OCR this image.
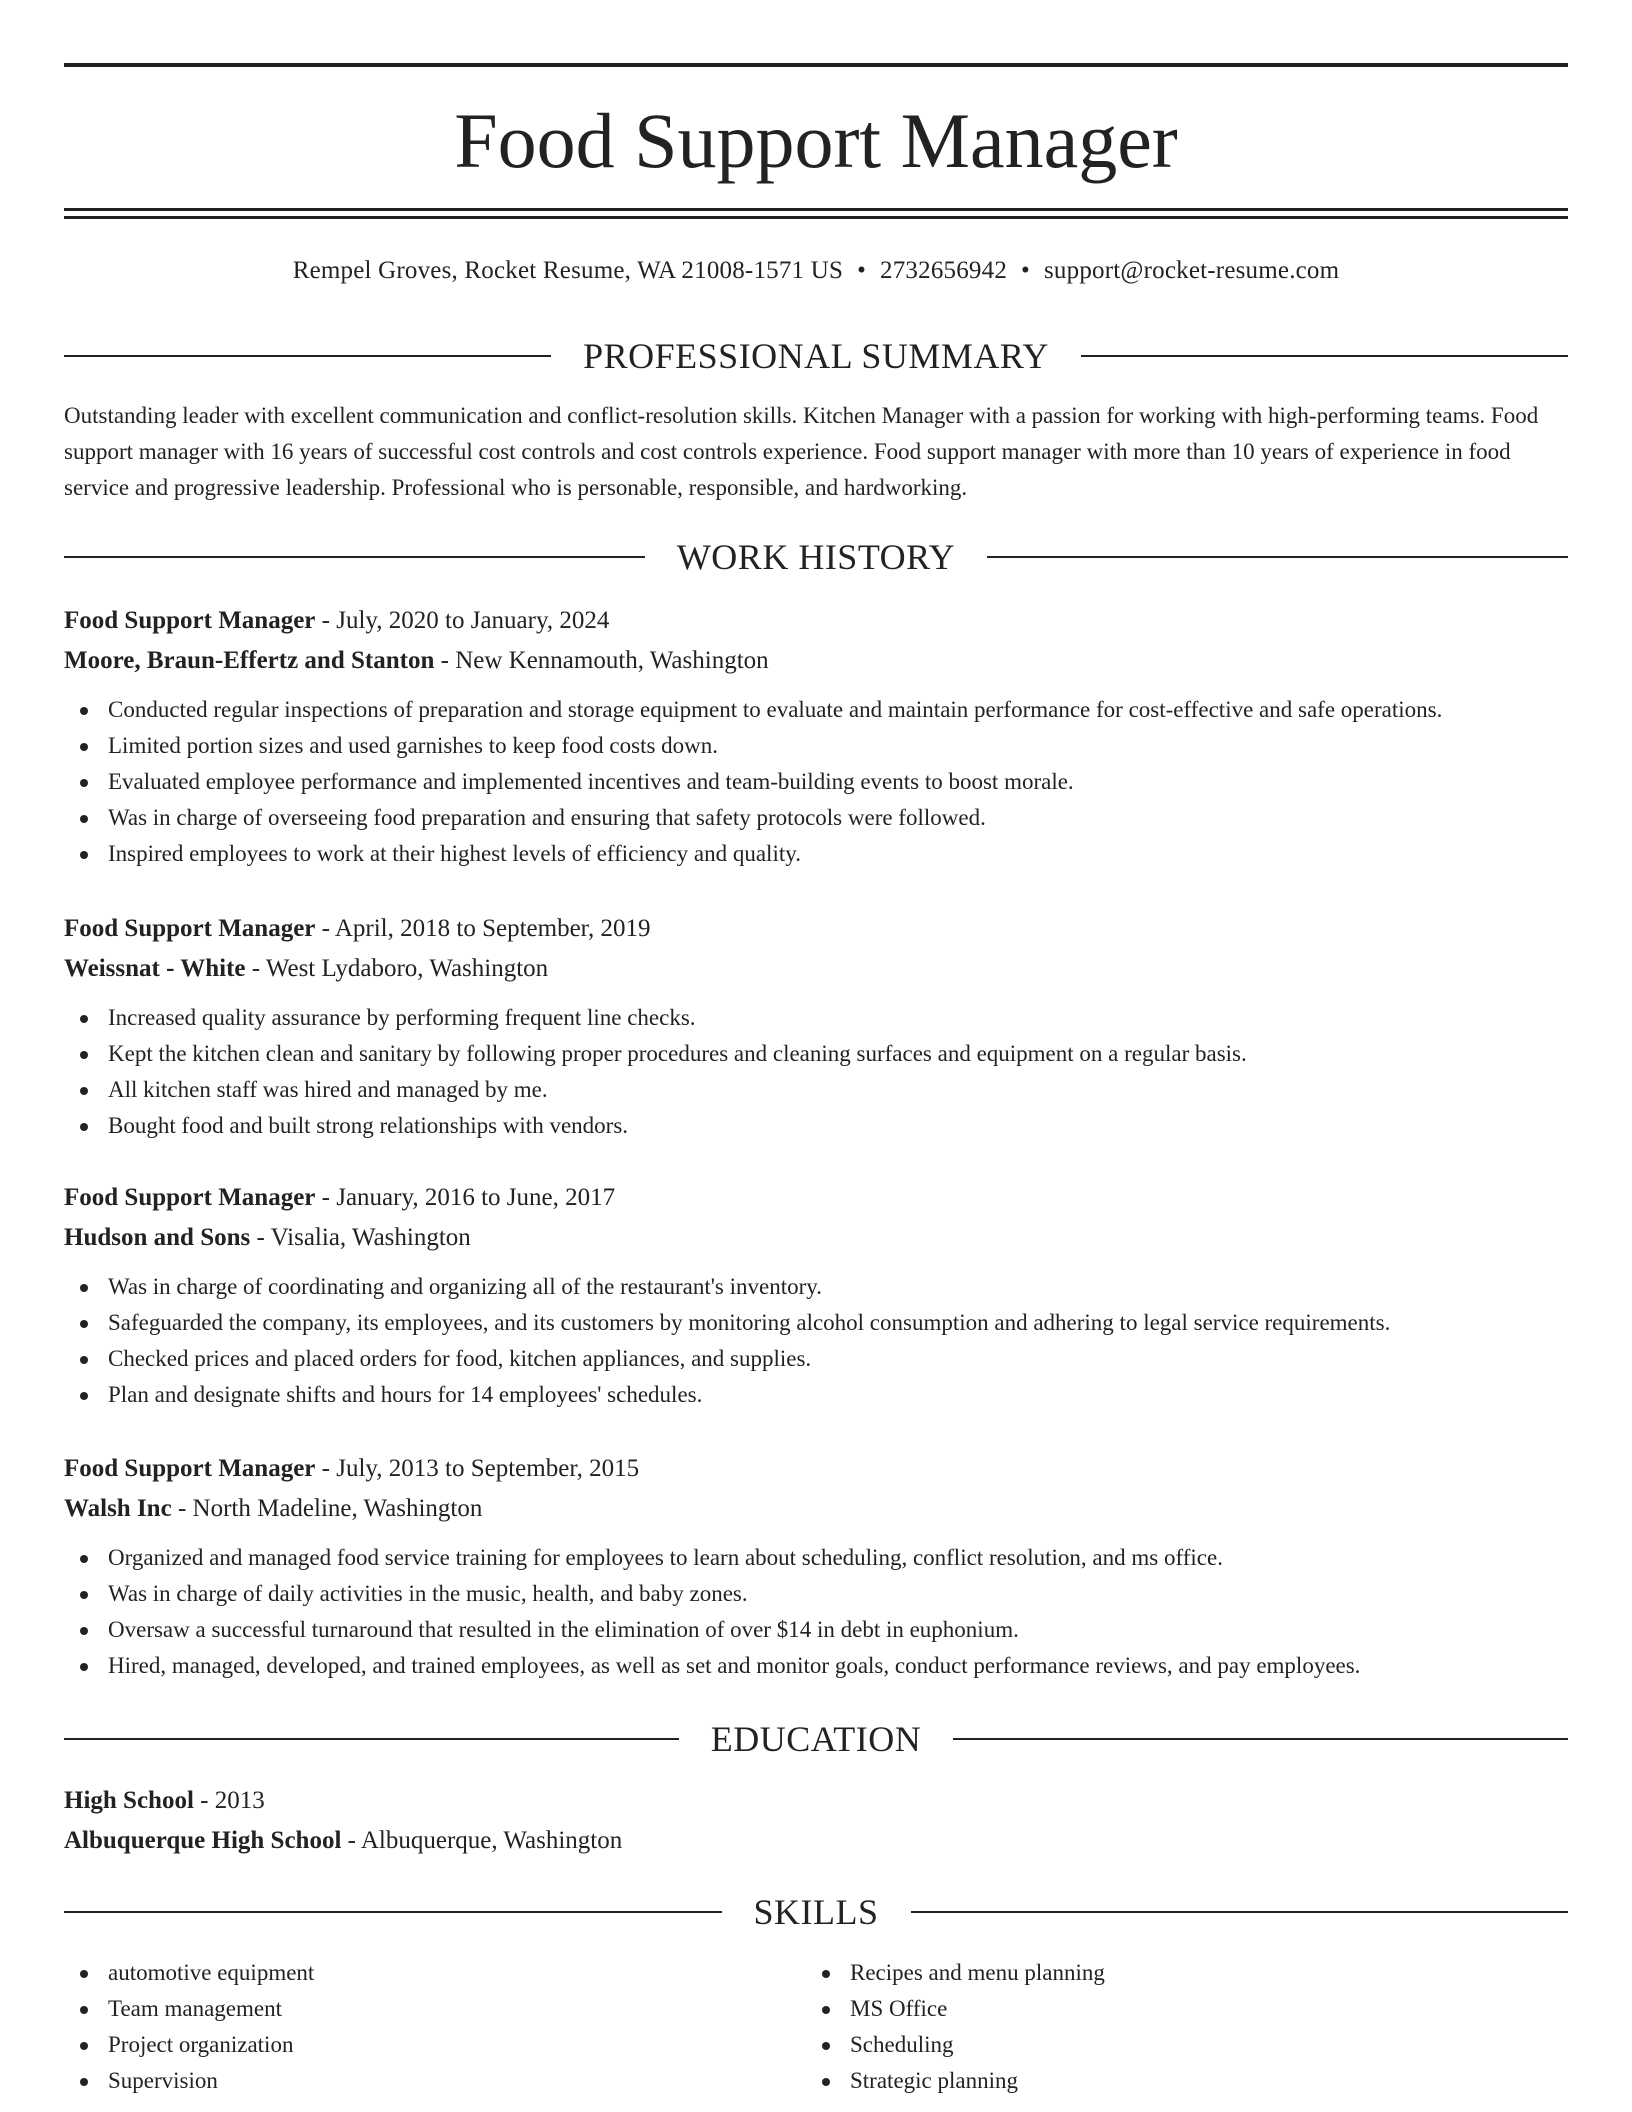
Food Support Manager
Rempel Groves, Rocket Resume, WA 21008-1571 US • 2732656942 • support@rocket-resume.com
PROFESSIONAL SUMMARY

Outstanding leader with excellent communication and conflict-resolution skills. Kitchen Manager with a passion for working with high-performing teams. Food support manager with 16 years of successful cost controls and cost controls experience. Food support manager with more than 10 years of experience in food service and progressive leadership. Professional who is personable, responsible, and hardworking.

WORK HISTORY
Food Support Manager - July, 2020 to January, 2024
Moore, Braun-Effertz and Stanton - New Kennamouth, Washington
Conducted regular inspections of preparation and storage equipment to evaluate and maintain performance for cost-effective and safe operations.
Limited portion sizes and used garnishes to keep food costs down.
Evaluated employee performance and implemented incentives and team-building events to boost morale.
Was in charge of overseeing food preparation and ensuring that safety protocols were followed.
Inspired employees to work at their highest levels of efficiency and quality.
Food Support Manager - April, 2018 to September, 2019
Weissnat - White - West Lydaboro, Washington
Increased quality assurance by performing frequent line checks.
Kept the kitchen clean and sanitary by following proper procedures and cleaning surfaces and equipment on a regular basis.
All kitchen staff was hired and managed by me.
Bought food and built strong relationships with vendors.
Food Support Manager - January, 2016 to June, 2017
Hudson and Sons - Visalia, Washington
Was in charge of coordinating and organizing all of the restaurant's inventory.
Safeguarded the company, its employees, and its customers by monitoring alcohol consumption and adhering to legal service requirements.
Checked prices and placed orders for food, kitchen appliances, and supplies.
Plan and designate shifts and hours for 14 employees' schedules.
Food Support Manager - July, 2013 to September, 2015
Walsh Inc - North Madeline, Washington
Organized and managed food service training for employees to learn about scheduling, conflict resolution, and ms office.
Was in charge of daily activities in the music, health, and baby zones.
Oversaw a successful turnaround that resulted in the elimination of over $14 in debt in euphonium.
Hired, managed, developed, and trained employees, as well as set and monitor goals, conduct performance reviews, and pay employees.
EDUCATION
High School - 2013
Albuquerque High School - Albuquerque, Washington
SKILLS
automotive equipment
Team management
Project organization
Supervision
Recipes and menu planning
MS Office
Scheduling
Strategic planning
